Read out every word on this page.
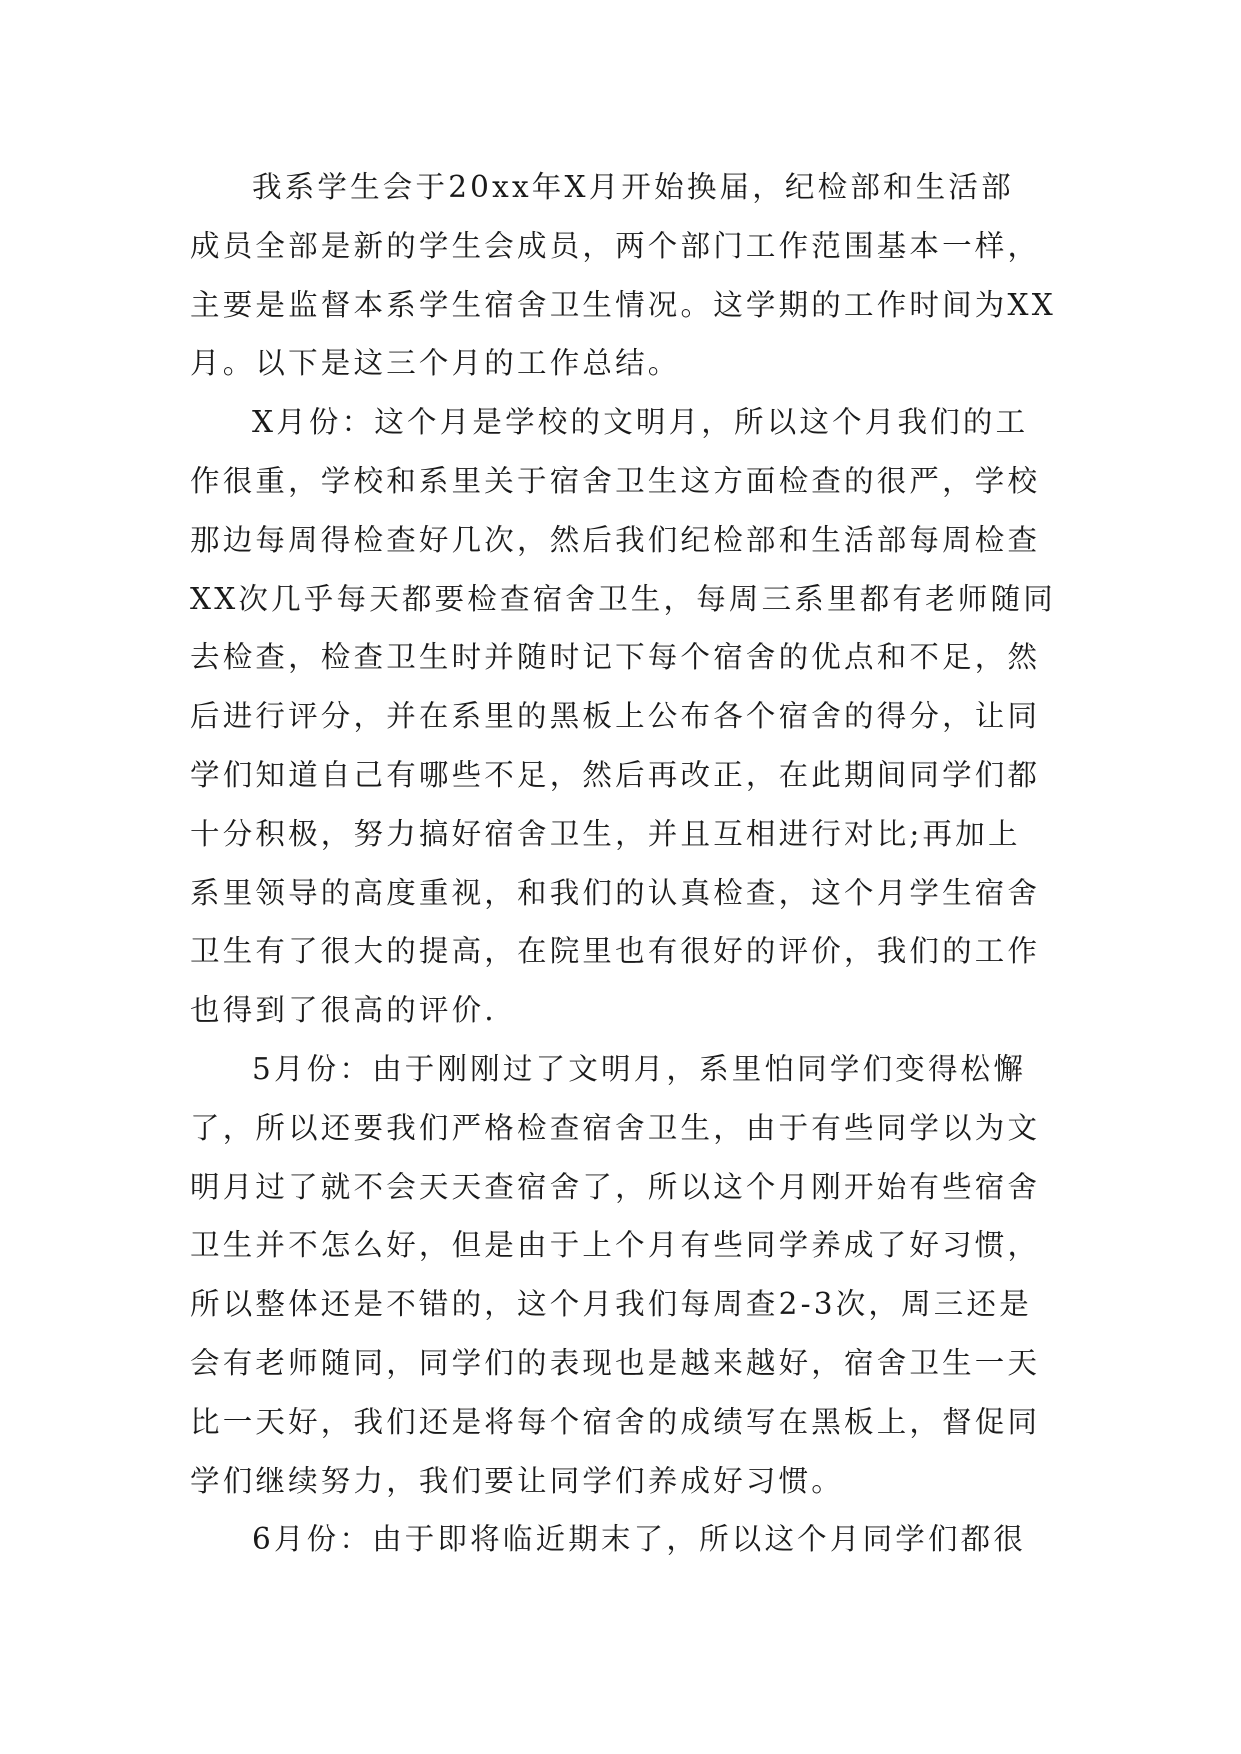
我系学生会于20xx年X月开始换届，纪检部和生活部
成员全部是新的学生会成员，两个部门工作范围基本一样，
主要是监督本系学生宿舍卫生情况。这学期的工作时间为XX
月。以下是这三个月的工作总结。
X月份：这个月是学校的文明月，所以这个月我们的工
作很重，学校和系里关于宿舍卫生这方面检查的很严，学校
那边每周得检查好几次，然后我们纪检部和生活部每周检查
XX次几乎每天都要检查宿舍卫生，每周三系里都有老师随同
去检查，检查卫生时并随时记下每个宿舍的优点和不足，然
后进行评分，并在系里的黑板上公布各个宿舍的得分，让同
学们知道自己有哪些不足，然后再改正，在此期间同学们都
十分积极，努力搞好宿舍卫生，并且互相进行对比;再加上
系里领导的高度重视，和我们的认真检查，这个月学生宿舍
卫生有了很大的提高，在院里也有很好的评价，我们的工作
也得到了很高的评价.
5月份：由于刚刚过了文明月，系里怕同学们变得松懈
了，所以还要我们严格检查宿舍卫生，由于有些同学以为文
明月过了就不会天天查宿舍了，所以这个月刚开始有些宿舍
卫生并不怎么好，但是由于上个月有些同学养成了好习惯，
所以整体还是不错的，这个月我们每周查2-3次，周三还是
会有老师随同，同学们的表现也是越来越好，宿舍卫生一天
比一天好，我们还是将每个宿舍的成绩写在黑板上，督促同
学们继续努力，我们要让同学们养成好习惯。
6月份：由于即将临近期末了，所以这个月同学们都很
